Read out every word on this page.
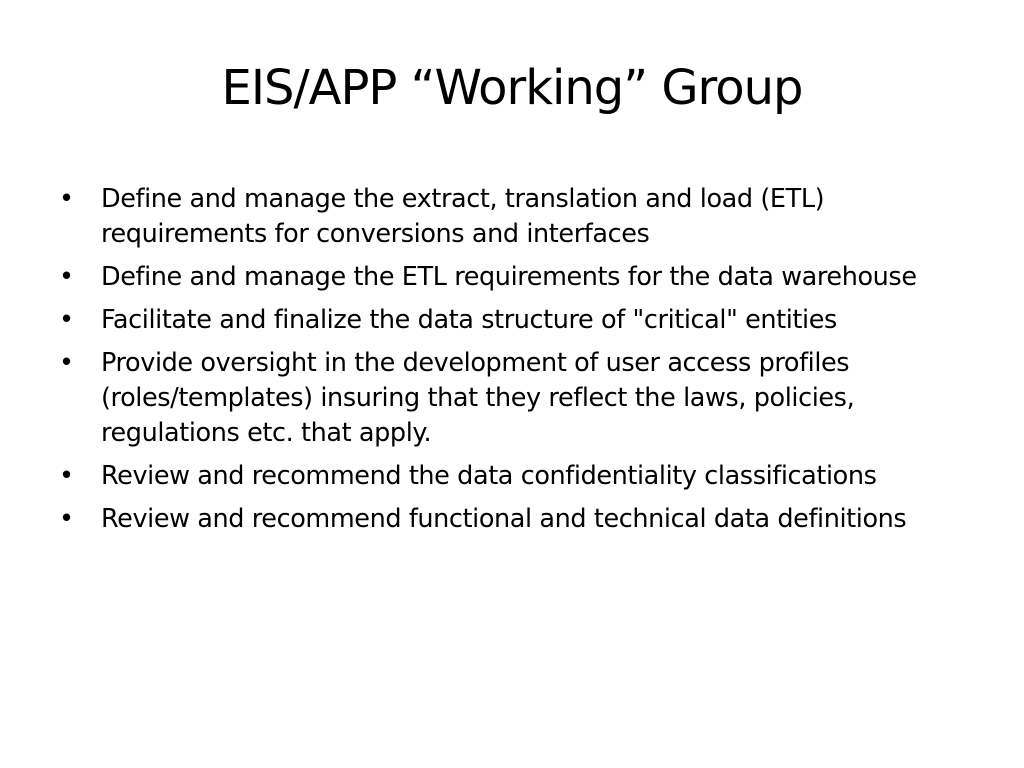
EIS/APP “Working” Group
• Define and manage the extract, translation and load (ETL) requirements for conversions and interfaces
• Define and manage the ETL requirements for the data warehouse
• Facilitate and finalize the data structure of "critical" entities
• Provide oversight in the development of user access profiles (roles/templates) insuring that they reflect the laws, policies, regulations etc. that apply.
• Review and recommend the data confidentiality classifications
• Review and recommend functional and technical data definitions
